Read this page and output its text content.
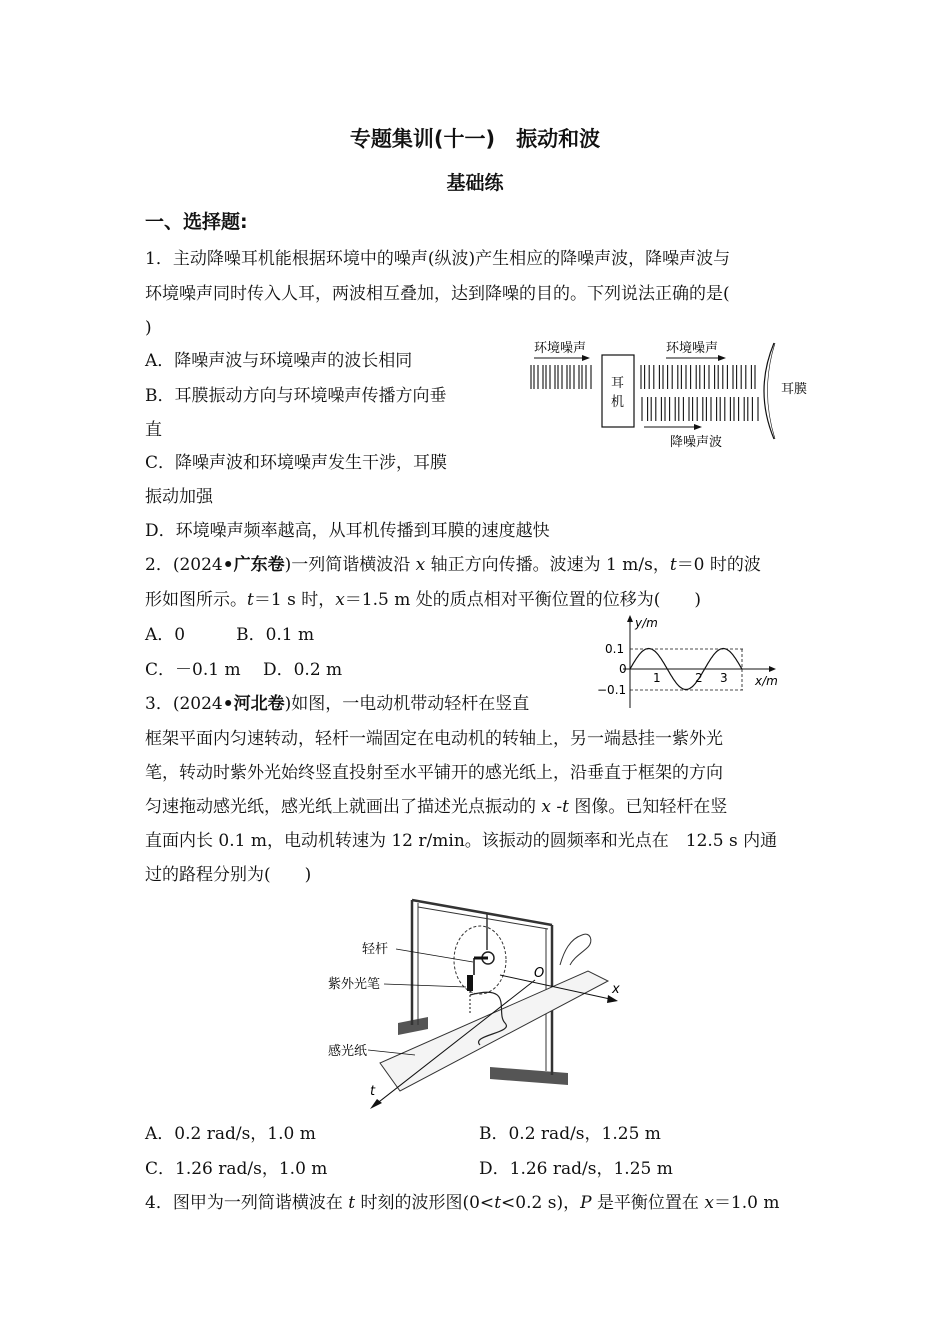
专题集训(十一)　振动和波
基础练
一、选择题:
1．主动降噪耳机能根据环境中的噪声(纵波)产生相应的降噪声波，降噪声波与
环境噪声同时传入人耳，两波相互叠加，达到降噪的目的。下列说法正确的是(
)
A．降噪声波与环境噪声的波长相同
B．耳膜振动方向与环境噪声传播方向垂
直
C．降噪声波和环境噪声发生干涉，耳膜
振动加强
D．环境噪声频率越高，从耳机传播到耳膜的速度越快
环境噪声
耳
机
环境噪声
降噪声波
耳膜
2．(2024•广东卷)一列简谐横波沿 x 轴正方向传播。波速为 1 m/s，t＝0 时的波
形如图所示。t＝1 s 时，x＝1.5 m 处的质点相对平衡位置的位移为(　　)
A．0　　　B．0.1 m
C．－0.1 m　 D．0.2 m
y/m
x/m
0.1
0
−0.1
1	2 3
3．(2024•河北卷)如图，一电动机带动轻杆在竖直
框架平面内匀速转动，轻杆一端固定在电动机的转轴上，另一端悬挂一紫外光
笔，转动时紫外光始终竖直投射至水平铺开的感光纸上，沿垂直于框架的方向
匀速拖动感光纸，感光纸上就画出了描述光点振动的 x -t 图像。已知轻杆在竖
直面内长 0.1 m，电动机转速为 12 r/min。该振动的圆频率和光点在　12.5 s 内通
过的路程分别为(　　)
轻杆
紫外光笔
感光纸
O
x
t
A．0.2 rad/s，1.0 m	B．0.2 rad/s，1.25 m
C．1.26 rad/s，1.0 m	D．1.26 rad/s，1.25 m
4．图甲为一列简谐横波在 t 时刻的波形图(0<t<0.2 s)，P 是平衡位置在 x＝1.0 m
